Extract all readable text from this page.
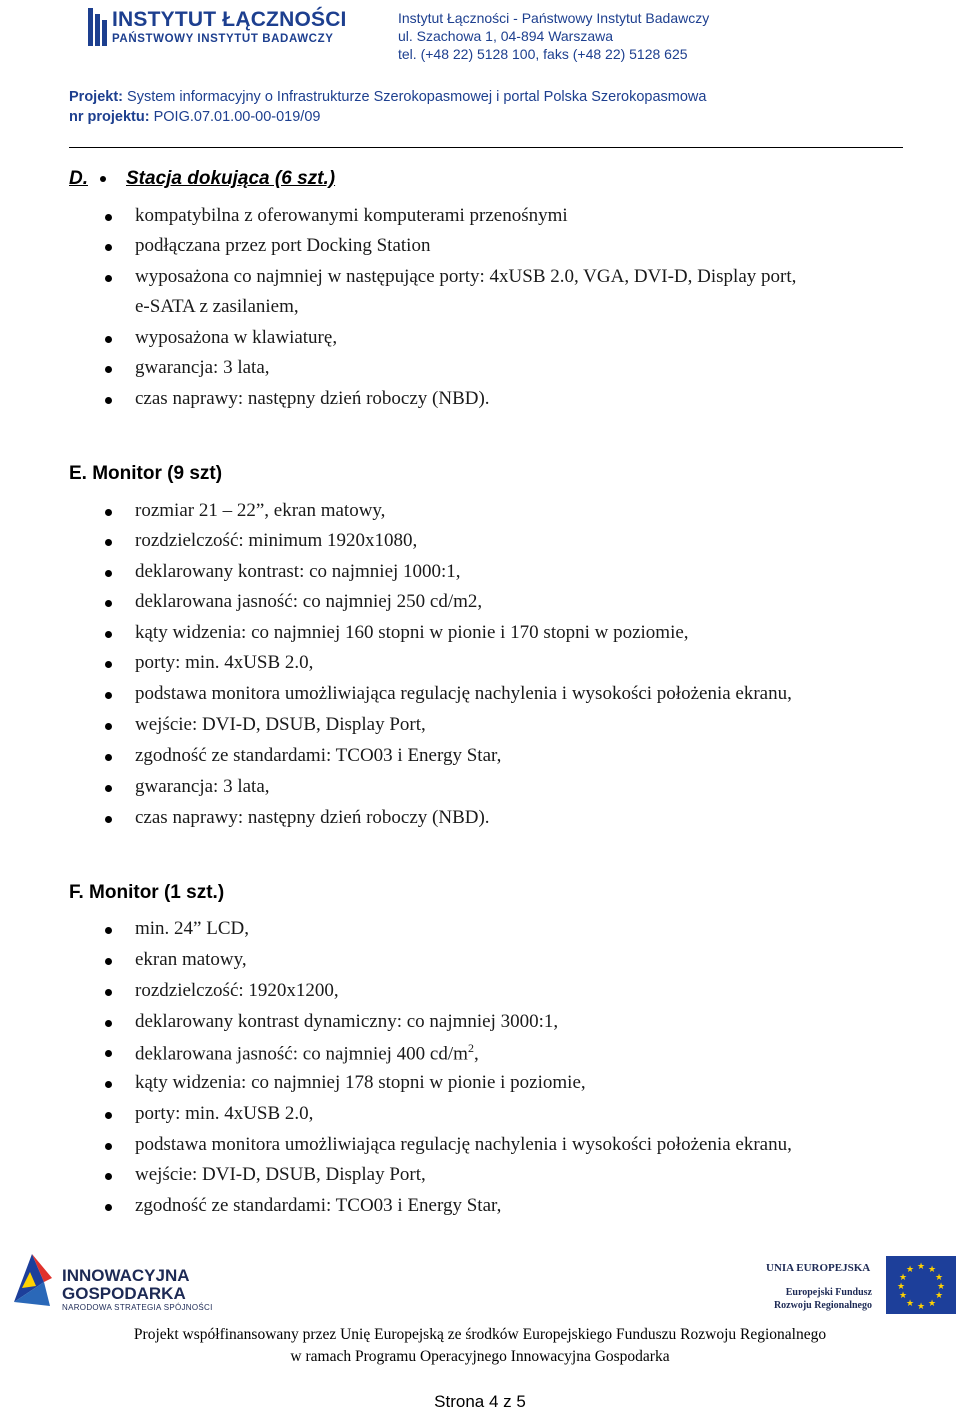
INSTYTUT ŁĄCZNOŚCI
PAŃSTWOWY INSTYTUT BADAWCZY
Instytut Łączności - Państwowy Instytut Badawczy
ul. Szachowa 1, 04-894 Warszawa
tel. (+48 22) 5128 100, faks (+48 22) 5128 625
Projekt: System informacyjny o Infrastrukturze Szerokopasmowej i portal Polska Szerokopasmowa
nr projektu: POIG.07.01.00-00-019/09
D. Stacja dokująca (6 szt.)
kompatybilna z oferowanymi komputerami przenośnymi
podłączana przez port Docking Station
wyposażona co najmniej w następujące porty: 4xUSB 2.0, VGA, DVI-D, Display port,
e-SATA z zasilaniem,
wyposażona w klawiaturę,
gwarancja: 3 lata,
czas naprawy: następny dzień roboczy (NBD).
E. Monitor (9 szt)
rozmiar 21 – 22”, ekran matowy,
rozdzielczość: minimum 1920x1080,
deklarowany kontrast: co najmniej 1000:1,
deklarowana jasność: co najmniej 250 cd/m2,
kąty widzenia: co najmniej 160 stopni w pionie i 170 stopni w poziomie,
porty: min. 4xUSB 2.0,
podstawa monitora umożliwiająca regulację nachylenia i wysokości położenia ekranu,
wejście: DVI-D, DSUB, Display Port,
zgodność ze standardami: TCO03 i Energy Star,
gwarancja: 3 lata,
czas naprawy: następny dzień roboczy (NBD).
F. Monitor (1 szt.)
min. 24” LCD,
ekran matowy,
rozdzielczość: 1920x1200,
deklarowany kontrast dynamiczny: co najmniej 3000:1,
deklarowana jasność: co najmniej 400 $cd/m^2$,
kąty widzenia: co najmniej 178 stopni w pionie i poziomie,
porty: min. 4xUSB 2.0,
podstawa monitora umożliwiająca regulację nachylenia i wysokości położenia ekranu,
wejście: DVI-D, DSUB, Display Port,
zgodność ze standardami: TCO03 i Energy Star,
INNOWACYJNA
GOSPODARKA
NARODOWA STRATEGIA SPÓJNOŚCI
UNIA EUROPEJSKA
Europejski Fundusz Rozwoju Regionalnego
★ ★
★
★
★
★
★
★
★
★
★
★
Projekt współfinansowany przez Unię Europejską ze środków Europejskiego Funduszu Rozwoju Regionalnego
w ramach Programu Operacyjnego Innowacyjna Gospodarka
Strona 4 z 5
